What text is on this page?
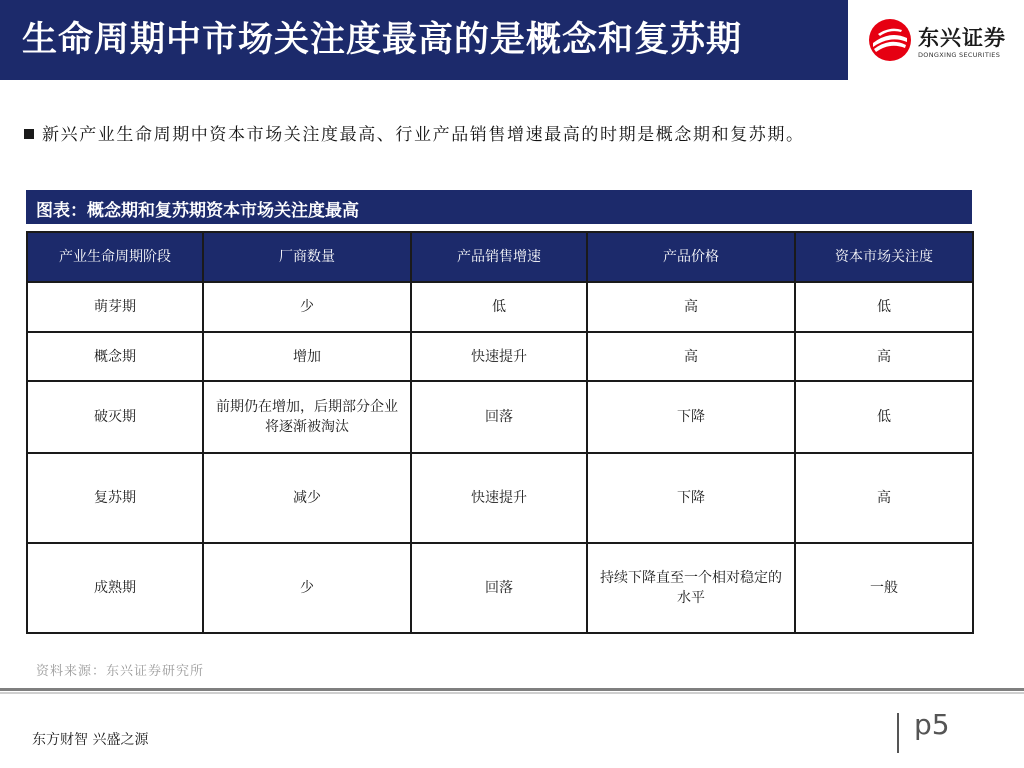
生命周期中市场关注度最高的是概念和复苏期	东兴证券
DONGXING SECURITIES
新兴产业生命周期中资本市场关注度最高、行业产品销售增速最高的时期是概念期和复苏期。
图表：概念期和复苏期资本市场关注度最高
产业生命周期阶段	厂商数量	产品销售增速	产品价格	资本市场关注度
萌芽期	少	低	高	低
概念期	增加	快速提升	高	高
破灭期	前期仍在增加，后期部分企业将逐渐被淘汰	回落	下降	低
复苏期	减少	快速提升	下降	高
成熟期	少	回落	持续下降直至一个相对稳定的水平	一般
资料来源：东兴证券研究所
东方财智 兴盛之源	p5
